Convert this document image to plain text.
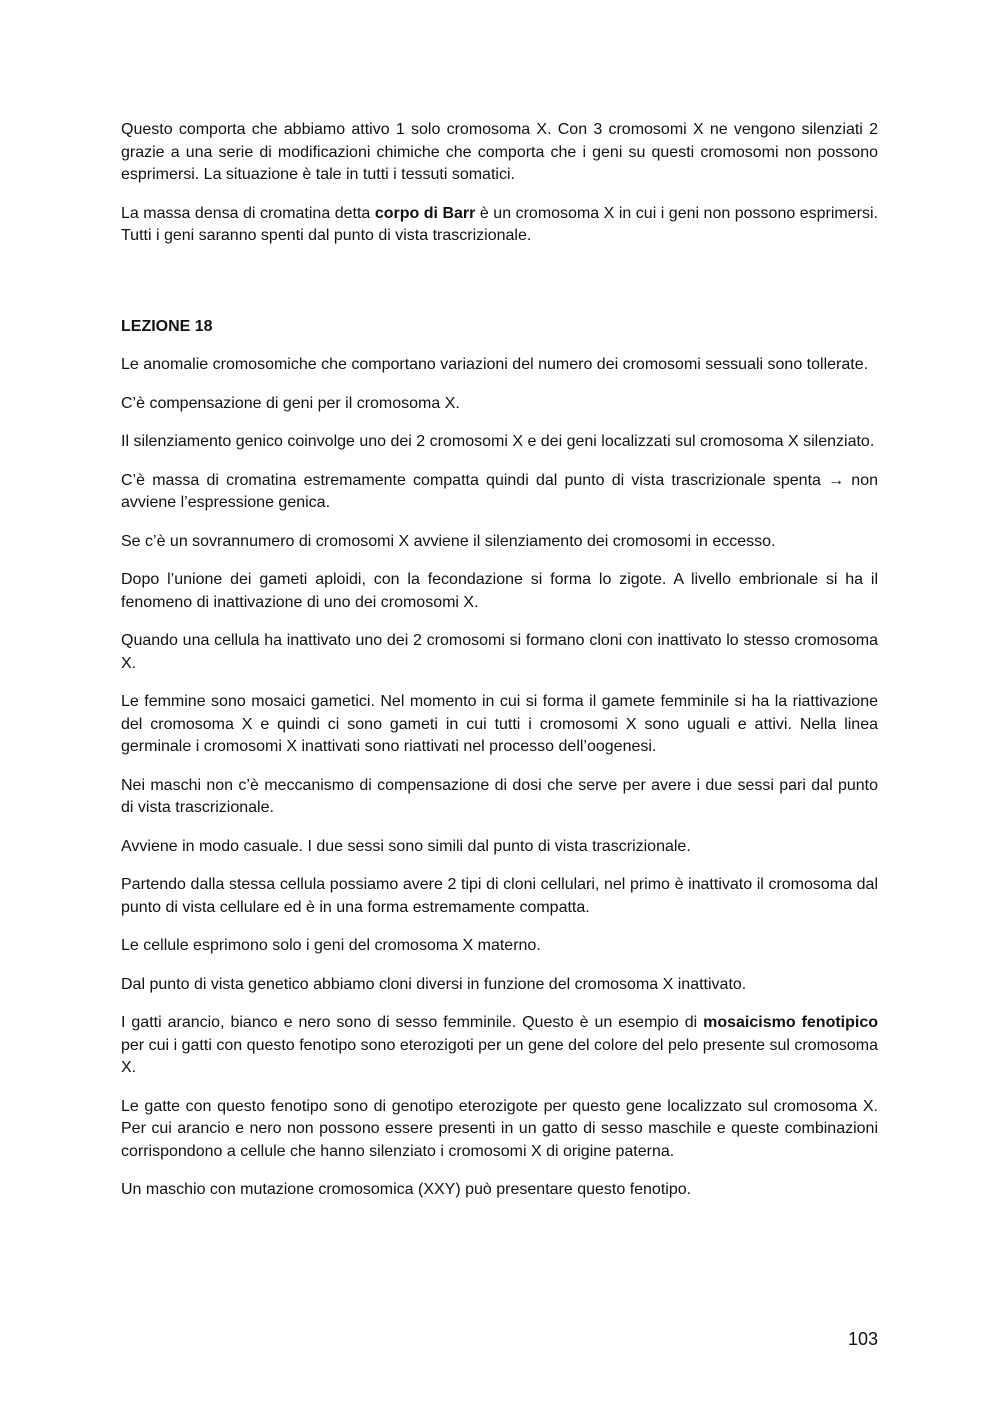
Questo comporta che abbiamo attivo 1 solo cromosoma X. Con 3 cromosomi X ne vengono silenziati 2 grazie a una serie di modificazioni chimiche che comporta che i geni su questi cromosomi non possono esprimersi. La situazione è tale in tutti i tessuti somatici.

La massa densa di cromatina detta corpo di Barr è un cromosoma X in cui i geni non possono esprimersi. Tutti i geni saranno spenti dal punto di vista trascrizionale.

LEZIONE 18

Le anomalie cromosomiche che comportano variazioni del numero dei cromosomi sessuali sono tollerate.

C’è compensazione di geni per il cromosoma X.

Il silenziamento genico coinvolge uno dei 2 cromosomi X e dei geni localizzati sul cromosoma X silenziato.

C’è massa di cromatina estremamente compatta quindi dal punto di vista trascrizionale spenta → non avviene l’espressione genica.

Se c’è un sovrannumero di cromosomi X avviene il silenziamento dei cromosomi in eccesso.

Dopo l’unione dei gameti aploidi, con la fecondazione si forma lo zigote. A livello embrionale si ha il fenomeno di inattivazione di uno dei cromosomi X.

Quando una cellula ha inattivato uno dei 2 cromosomi si formano cloni con inattivato lo stesso cromosoma X.

Le femmine sono mosaici gametici. Nel momento in cui si forma il gamete femminile si ha la riattivazione del cromosoma X e quindi ci sono gameti in cui tutti i cromosomi X sono uguali e attivi. Nella linea germinale i cromosomi X inattivati sono riattivati nel processo dell’oogenesi.

Nei maschi non c’è meccanismo di compensazione di dosi che serve per avere i due sessi pari dal punto di vista trascrizionale.

Avviene in modo casuale. I due sessi sono simili dal punto di vista trascrizionale.

Partendo dalla stessa cellula possiamo avere 2 tipi di cloni cellulari, nel primo è inattivato il cromosoma dal punto di vista cellulare ed è in una forma estremamente compatta.

Le cellule esprimono solo i geni del cromosoma X materno.

Dal punto di vista genetico abbiamo cloni diversi in funzione del cromosoma X inattivato.

I gatti arancio, bianco e nero sono di sesso femminile. Questo è un esempio di mosaicismo fenotipico per cui i gatti con questo fenotipo sono eterozigoti per un gene del colore del pelo presente sul cromosoma X.

Le gatte con questo fenotipo sono di genotipo eterozigote per questo gene localizzato sul cromosoma X. Per cui arancio e nero non possono essere presenti in un gatto di sesso maschile e queste combinazioni corrispondono a cellule che hanno silenziato i cromosomi X di origine paterna.

Un maschio con mutazione cromosomica (XXY) può presentare questo fenotipo.

103
